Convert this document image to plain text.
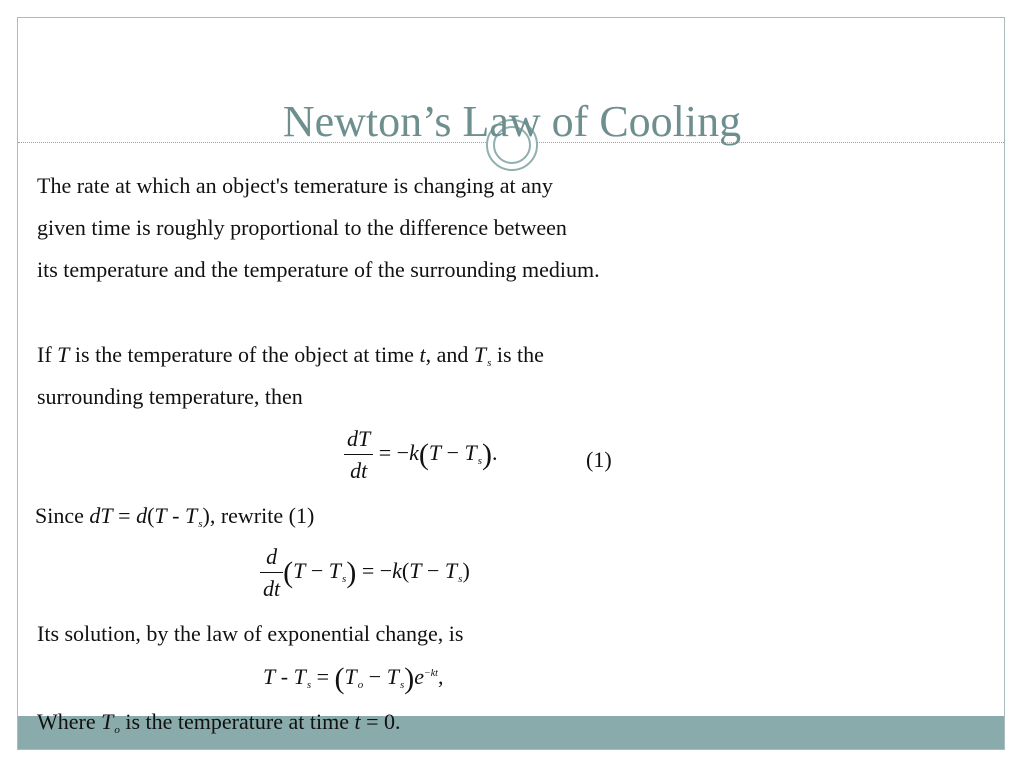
Newton’s Law of Cooling
The rate at which an object's temerature is changing at any
given time is roughly proportional to the difference between
its temperature and the temperature of the surrounding medium.
If T is the temperature of the object at time t, and $T_s$ is the
surrounding temperature, then
$\frac{dT}{dt} = -k(T - T_s)$.	(1)
Since dT = $d(T - T_s)$, rewrite (1)
$\frac{d}{dt} (T - T_s) = -k(T - T_s)$
Its solution, by the law of exponential change, is
$T - T_s = (T_o - T_s)e^{-kt}$,
Where $T_o$ is the temperature at time t = 0.
